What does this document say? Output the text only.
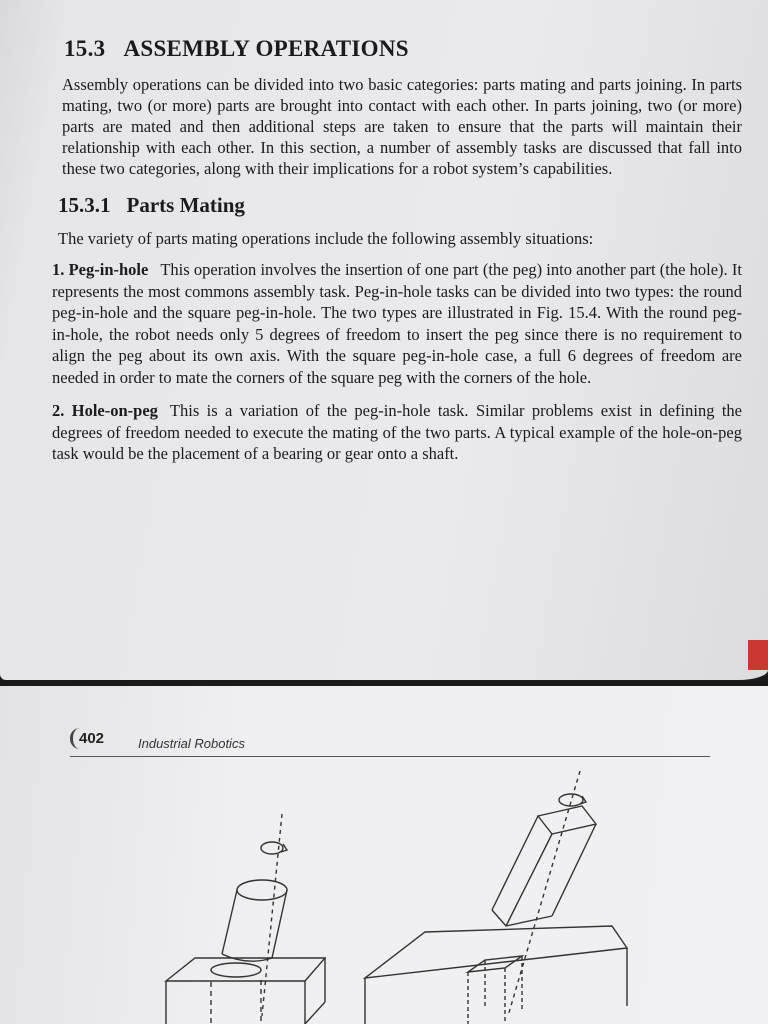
15.3 ASSEMBLY OPERATIONS

Assembly operations can be divided into two basic categories: parts mating and parts joining. In parts mating, two (or more) parts are brought into contact with each other. In parts joining, two (or more) parts are mated and then additional steps are taken to ensure that the parts will maintain their relationship with each other. In this section, a number of assembly tasks are discussed that fall into these two categories, along with their implications for a robot system’s capabilities.

15.3.1 Parts Mating

The variety of parts mating operations include the following assembly situations:

1. Peg-in-hole This operation involves the insertion of one part (the peg) into another part (the hole). It represents the most commons assembly task. Peg-in-hole tasks can be divided into two types: the round peg-in-hole and the square peg-in-hole. The two types are illustrated in Fig. 15.4. With the round peg-in-hole, the robot needs only 5 degrees of freedom to insert the peg since there is no requirement to align the peg about its own axis. With the square peg-in-hole case, a full 6 degrees of freedom are needed in order to mate the corners of the square peg with the corners of the hole.

2. Hole-on-peg This is a variation of the peg-in-hole task. Similar problems exist in defining the degrees of freedom needed to execute the mating of the two parts. A typical example of the hole-on-peg task would be the placement of a bearing or gear onto a shaft.

402	Industrial Robotics
